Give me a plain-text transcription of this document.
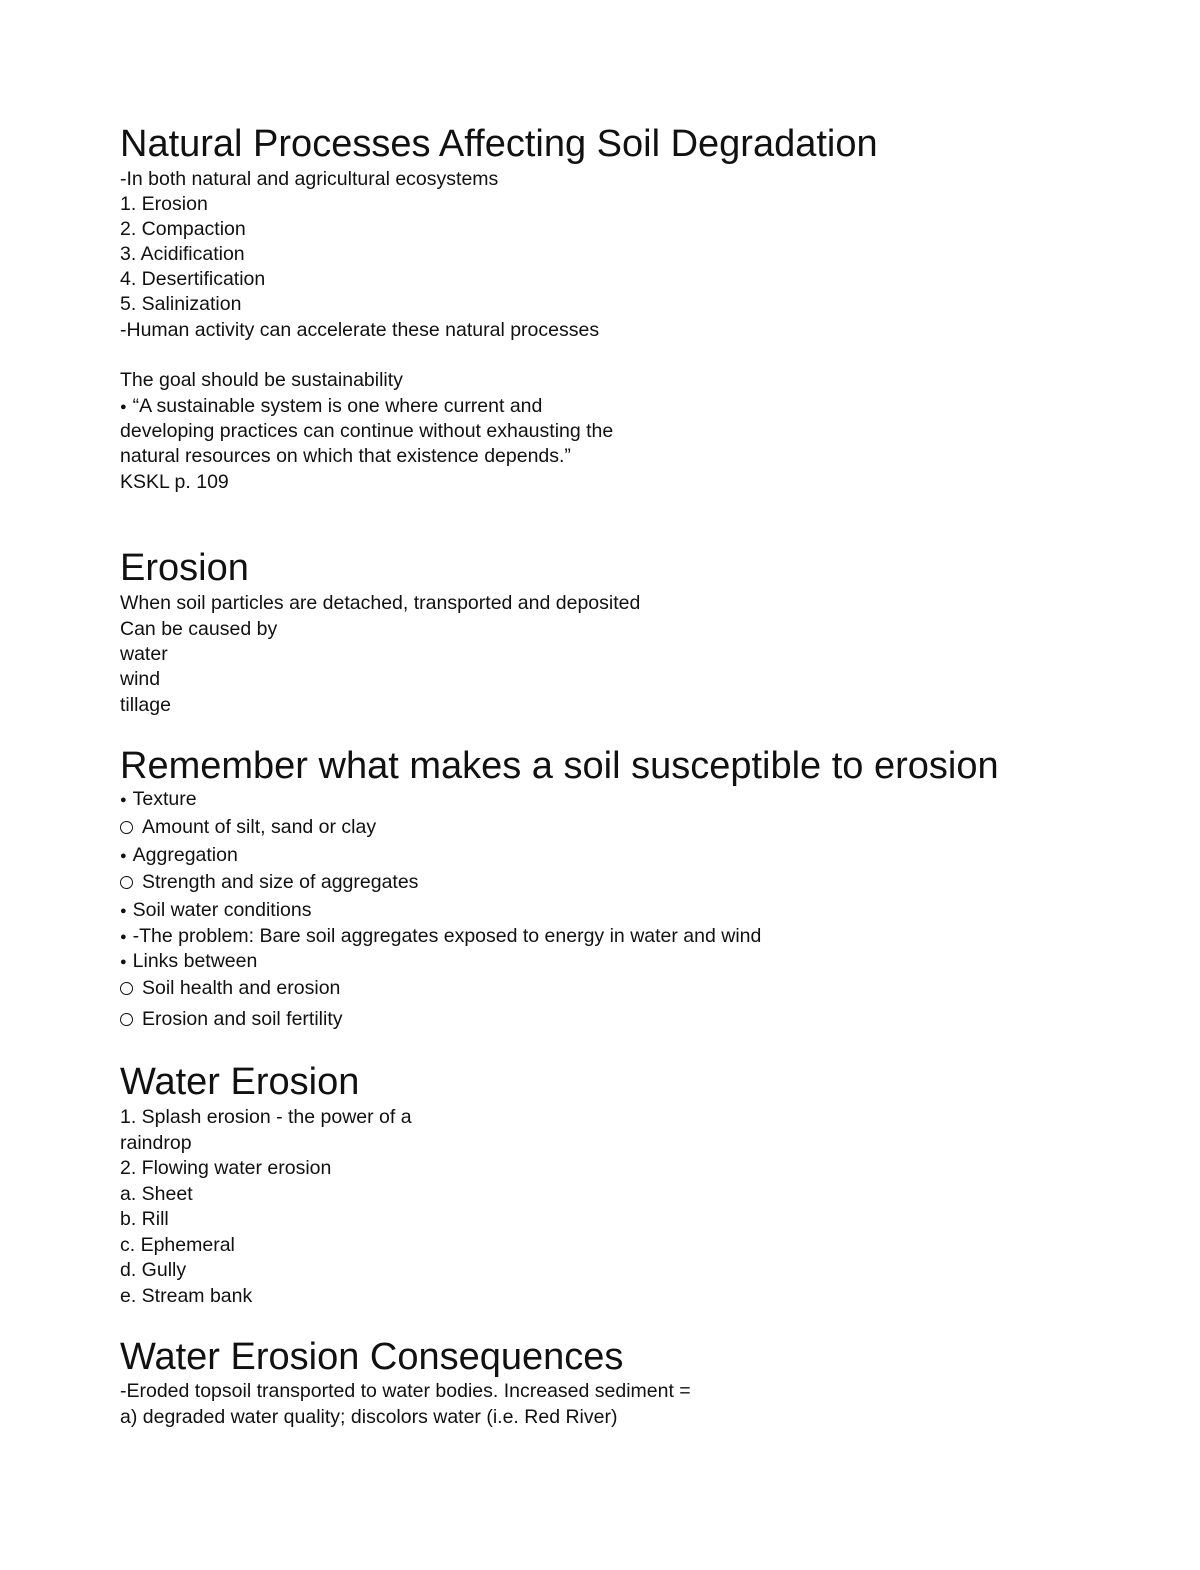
Natural Processes Affecting Soil Degradation
-In both natural and agricultural ecosystems
1. Erosion
2. Compaction
3. Acidification
4. Desertification
5. Salinization
-Human activity can accelerate these natural processes
The goal should be sustainability
● “A sustainable system is one where current and
developing practices can continue without exhausting the
natural resources on which that existence depends.”
KSKL p. 109
Erosion
When soil particles are detached, transported and deposited
Can be caused by
water
wind
tillage
Remember what makes a soil susceptible to erosion
● Texture
Amount of silt, sand or clay
● Aggregation
Strength and size of aggregates
● Soil water conditions
● -The problem: Bare soil aggregates exposed to energy in water and wind
● Links between
Soil health and erosion
Erosion and soil fertility
Water Erosion
1. Splash erosion - the power of a
raindrop
2. Flowing water erosion
a. Sheet
b. Rill
c. Ephemeral
d. Gully
e. Stream bank
Water Erosion Consequences
-Eroded topsoil transported to water bodies. Increased sediment =
a) degraded water quality; discolors water (i.e. Red River)
